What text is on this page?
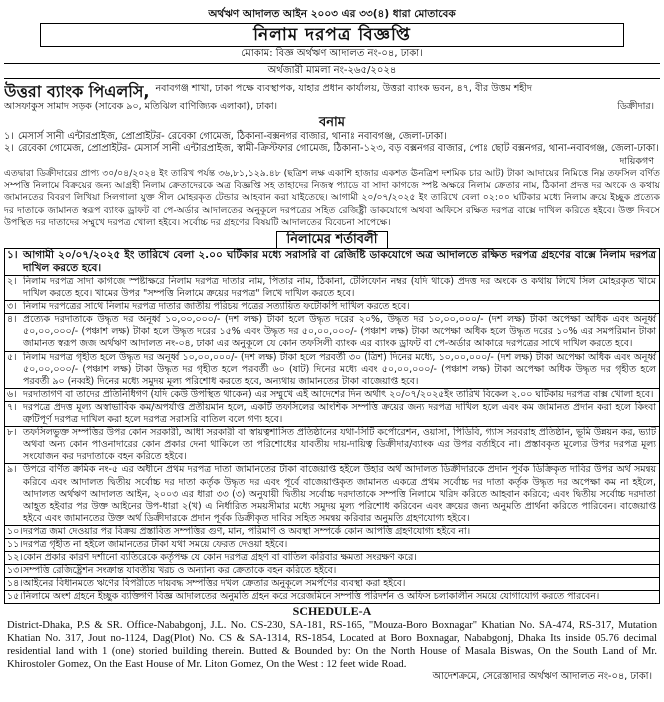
অর্থঋণ আদালত আইন ২০০৩ এর ৩৩(৪) ধারা মোতাবেক
নিলাম দরপত্র বিজ্ঞপ্তি
মোকাম: বিজ্ঞ অর্থঋণ আদালত নং-০৪, ঢাকা।
অর্থজারী মামলা নং-২৬৫/২০২৪
উত্তরা ব্যাংক পিএলসি, নবাবগঞ্জ শাখা, ঢাকা পক্ষে ব্যবস্থাপক, যাহার প্রধান কার্যালয়, উত্তরা ব্যাংক ভবন, ৪৭, বীর উত্তম শহীদ
আসফাকুস সামাদ সড়ক (সাবেক ৯০, মতিঝিল বাণিজ্যিক এলাকা), ঢাকা।	ডিক্রীদার।
বনাম
১। মেসার্স সানী এন্টারপ্রাইজ, প্রোপ্রাইটর- রেবেকা গোমেজ, ঠিকানা-বক্সনগর বাজার, থানাঃ নবাবগঞ্জ, জেলা-ঢাকা।
২। রেবেকা গোমেজ, প্রোপ্রাইটর- মেসার্স সানী এন্টারপ্রাইজ, স্বামী-ক্রিস্টফার গোমেজ, ঠিকানা-১২৩, বড় বক্সনগর বাজার, পোঃ ছোট বক্সনগর, থানা-নবাবগঞ্জ, জেলা-ঢাকা।
দায়িকগণ
এতদ্বারা ডিক্রীদারের প্রাপ্য ৩০/০৪/২০২৪ ইং তারিখ পর্যন্ত ৩৬,৮১,১২৯.৪৮ (ছত্রিশ লক্ষ একাশি হাজার একশত ঊনত্রিশ দশমিক চার আট) টাকা আদায়ের নিমিত্তে নিম্ন তফসিল বর্ণিত সম্পত্তি নিলামে বিক্রয়ের জন্য আগ্রহী নিলাম ক্রেতাদেরকে অত্র বিজ্ঞপ্তি সহ তাহাদের নিজস্ব প্যাডে বা সাদা কাগজে স্পষ্ট অক্ষরে নিলাম ক্রেতার নাম, ঠিকানা প্রদত্ত দর অংকে ও কথায় জামানতের বিবরণ লিখিয়া সিলগালা যুক্ত সীল মোহরকৃত টেন্ডার আহবান করা যাইতেছে। আগামী ২০/০৭/২০২৫ ইং তারিখে বেলা ০২:০০ ঘটিকার মধ্যে নিলাম ক্রয়ে ইচ্ছুক প্রত্যেক দর দাতাকে জামানত স্বরূপ ব্যাংক ড্রাফট বা পে-অর্ডার আদালতের অনুকূলে দরপত্রের সহিত রেজিষ্ট্রী ডাকযোগে অথবা অফিসে রক্ষিত দরপত্র বাক্সে দাখিল করিতে হইবে। উক্ত দিবসে উপস্থিত দর দাতাদের সম্মুখে দরপত্র খোলা হইবে। সর্বোচ্চ দর গ্রহণের বিষয়টি আদালতের বিবেচনা সাপেক্ষে।
নিলামের শর্তাবলী
১। আগামী ২০/০৭/২০২৫ ইং তারিখে বেলা ২.০০ ঘটিকার মধ্যে সরাসরি বা রেজিষ্টি ডাকযোগে অত্র আদালতে রক্ষিত দরপত্র গ্রহণের বাক্সে নিলাম দরপত্র দাখিল করতে হবে।
২। নিলাম দরপত্র সাদা কাগজে স্পষ্টাক্ষরে নিলাম দরপত্র দাতার নাম, পিতার নাম, ঠিকানা, টেলিফোন নম্বর (যদি থাকে) প্রদত্ত দর অংকে ও কথায় লিখে সিল মোহরকৃত খামে দাখিল করতে হবে। খামের উপর "সম্পত্তি নিলামে ক্রয়ের দরপত্র" লিখে দাখিল করতে হবে।
৩। নিলাম দরপত্রের সাথে নিলাম দরপত্র দাতার জাতীয় পরিচয় পত্রের সত্যায়িত ফটোকপি দাখিল করতে হবে।
৪। প্রত্যেক দরদাতাকে উদ্ধৃত দর অনূর্ধ্ব ১০,০০,০০০/- (দশ লক্ষ) টাকা হলে উদ্ধৃত দরের ২০%, উদ্ধৃত দর ১০,০০,০০০/- (দশ লক্ষ) টাকা অপেক্ষা অধিক এবং অনূর্ধ্ব ৫০,০০,০০০/- (পঞ্চাশ লক্ষ) টাকা হলে উদ্ধৃত দরের ১৫% এবং উদ্ধৃত দর ৫০,০০,০০০/- (পঞ্চাশ লক্ষ) টাকা অপেক্ষা অধিক হলে উদ্ধৃত দরের ১০% এর সমপরিমান টাকা জামানত স্বরূপ জজ অর্থঋণ আদালত নং-০৪, ঢাকা এর অনুকূলে যে কোন তফসিলী ব্যাংক এর ব্যাংক ড্রাফট বা পে-অর্ডার আকারে দরপত্রের সাথে দাখিল করতে হবে।
৫। নিলাম দরপত্র গৃহীত হলে উদ্ধৃত দর অনূর্ধ্ব ১০,০০,০০০/- (দশ লক্ষ) টাকা হলে পরবর্তী ৩০ (ত্রিশ) দিনের মধ্যে, ১০,০০,০০০/- (দশ লক্ষ) টাকা অপেক্ষা অধিক এবং অনূর্ধ্ব ৫০,০০,০০০/- (পঞ্চাশ লক্ষ) টাকা উদ্ধৃত দর গৃহীত হলে পরবর্তী ৬০ (ষাট) দিনের মধ্যে এবং ৫০,০০,০০০/- (পঞ্চাশ লক্ষ) টাকা অপেক্ষা অধিক উদ্ধৃত দর গৃহীত হলে পরবর্তী ৯০ (নব্বই) দিনের মধ্যে সমুদয় মূল্য পরিশোধ করতে হবে, অন্যথায় জামানতের টাকা বাজেয়াপ্ত হবে।
৬। দরদাতাগণ বা তাদের প্রতিনিধিগণ (যদি কেউ উপস্থিত থাকেন) এর সম্মুখে এই আদেশের দিন অর্থাৎ ২০/০৭/২০২৫ইং তারিখ বিকেল ২.০০ ঘটিকায় দরপত্র বাক্স খোলা হবে।
৭। দরপত্রে প্রদত্ত মূল্য অস্বাভাবিক কম/অপর্যাপ্ত প্রতীয়মান হলে, একটি তফসিলের আংশিক সম্পত্তি ক্রয়ের জন্য দরপত্র দাখিল হলে এবং কম জামানত প্রদান করা হলে কিংবা ত্রুটিপূর্ণ দরপত্র দাখিল করা হলে দরপত্র সরাসরি বাতিল বলে গণ্য হবে।
৮। তফসিলভুক্ত সম্পত্তির উপর কোন সরকারী, আধা সরকারী বা স্বায়ত্বশাসিত প্রতিষ্ঠানের যথা-সিটি কর্পোরেশন, ওয়াসা, পিডিবি, গ্যাস সরবরাহ প্রতিষ্ঠান, ভূমি উন্নয়ন কর, ভ্যাট অথবা অন্য কোন পাওনাদারের কোন প্রকার দেনা থাকিলে তা পরিশোধের যাবতীয় দায়-দায়িত্ব ডিক্রীদার/ব্যাংক এর উপর বর্তাইবে না। প্রস্তাবকৃত মূল্যের উপর দরপত্র মূল্য সংযোজন কর দরদাতাকে বহন করিতে হইবে।
৯। উপরে বর্ণিত ক্রমিক নং-৫ এর অধীনে প্রথম দরপত্র দাতা জামানতের টাকা বাজেয়াপ্ত হইলে উহার অর্থ আদালত ডিক্রীদারকে প্রদান পূর্বক ডিক্রিকৃত দাবির উপর অর্থ সমন্বয় করিবে এবং আদালত দ্বিতীয় সর্বোচ্চ দর দাতা কর্তৃক উদ্ধৃত দর এবং পূর্বে বাজেয়াপ্তকৃত জামানত একত্রে প্রথম সর্বোচ্চ দর দাতা কর্তৃক উদ্ধৃত দর অপেক্ষা কম না হইলে, আদালত অর্থঋণ আদালত আইন, ২০০৩ এর ধারা ৩৩ (৩) অনুযায়ী দ্বিতীয় সর্বোচ্চ দরদাতাকে সম্পত্তি নিলামে খরিদ করিতে আহবান করিবে; এবং দ্বিতীয় সর্বোচ্চ দরদাতা আহূত হইবার পর উক্ত আইনের উপ-ধারা ২(খ) এ নির্ধারিত সময়সীমার মধ্যে সমুদয় মূল্য পরিশোধ করিবেন এবং ক্রয়ের জন্য অনুমতি প্রার্থনা করিতে পারিবেন। বাজেয়াপ্ত হইবে এবং জামানতের উক্ত অর্থ ডিক্রীদারকে প্রদান পূর্বক ডিক্রীকৃত দাবির সহিত সমন্বয় করিবার অনুমতি গ্রহণযোগ্য হইবে।
১০। দরপত্র জমা দেওয়ার পর বিক্রয় প্রস্তাবিত সম্পত্তির গুণ, মান, পরিমাণ ও অবস্থা সম্পর্কে কোন আপত্তি গ্রহণযোগ্য হইবে না।
১১। দরপত্র গৃহীত না হইলে জামানতের টাকা যথা সময়ে ফেরত দেওয়া হইবে।
১২। কোন প্রকার কারণ দর্শানো ব্যতিরেকে কর্তৃপক্ষ যে কোন দরপত্র গ্রহণ বা বাতিল করিবার ক্ষমতা সংরক্ষণ করে।
১৩। সম্পত্তি রেজিষ্ট্রেশন সংক্রান্ত যাবতীয় খরচ ও অন্যান্য কর ক্রেতাকে বহন করিতে হইবে।
১৪। আইনের বিধানমতে ঋণের বিপরীতে দায়বদ্ধ সম্পত্তির দখল ক্রেতার অনুকূলে সমর্পণের ব্যবস্থা করা হইবে।
১৫। নিলামে অংশ গ্রহনে ইচ্ছুক ব্যক্তিগণ বিজ্ঞ আদালতের অনুমতি গ্রহন করে সরেজমিনে সম্পত্তি পরিদর্শন ও অফিস চলাকালীন সময়ে যোগাযোগ করতে পারবেন।
SCHEDULE-A
District-Dhaka, P.S & SR. Office-Nababgonj, J.L. No. CS-230, SA-181, RS-165, "Mouza-Boro Boxnagar" Khatian No. SA-474, RS-317, Mutation Khatian No. 317, Jout no-1124, Dag(Plot) No. CS & SA-1314, RS-1854, Located at Boro Boxnagar, Nababgonj, Dhaka Its inside 05.76 decimal residential land with 1 (one) storied building therein. Butted & Bounded by: On the North House of Masala Biswas, On the South Land of Mr. Khirostoler Gomez, On the East House of Mr. Liton Gomez, On the West : 12 feet wide Road.
আদেশক্রমে, সেরেস্তাদার অর্থঋণ আদালত নং-০৪, ঢাকা।
